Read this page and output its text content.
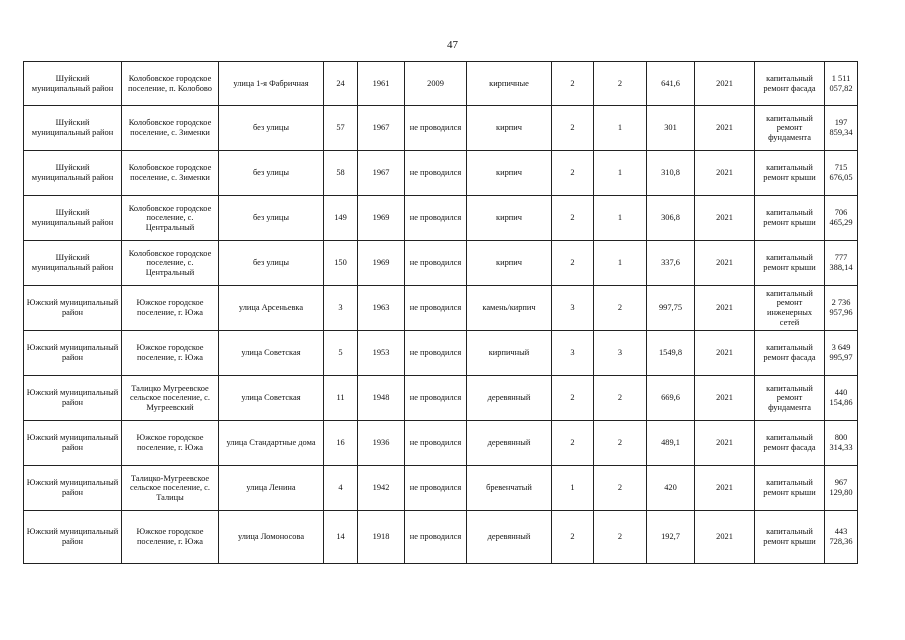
47
Шуйский муниципальный район	Колобовское городское поселение, п. Колобово	улица 1-я Фабричная	24	1961	2009	кирпичные	2	2	641,6	2021	капитальный ремонт фасада	1 511 057,82
Шуйский муниципальный район	Колобовское городское поселение, с. Зименки	без улицы	57	1967	не проводился	кирпич	2	1	301	2021	капитальный ремонт фундамента	197 859,34
Шуйский муниципальный район	Колобовское городское поселение, с. Зименки	без улицы	58	1967	не проводился	кирпич	2	1	310,8	2021	капитальный ремонт крыши	715 676,05
Шуйский муниципальный район	Колобовское городское поселение, с. Центральный	без улицы	149	1969	не проводился	кирпич	2	1	306,8	2021	капитальный ремонт крыши	706 465,29
Шуйский муниципальный район	Колобовское городское поселение, с. Центральный	без улицы	150	1969	не проводился	кирпич	2	1	337,6	2021	капитальный ремонт крыши	777 388,14
Южский муниципальный район	Южское городское поселение, г. Южа	улица Арсеньевка	3	1963	не проводился	камень/кирпич	3	2	997,75	2021	капитальный ремонт инженерных сетей	2 736 957,96
Южский муниципальный район	Южское городское поселение, г. Южа	улица Советская	5	1953	не проводился	кирпичный	3	3	1549,8	2021	капитальный ремонт фасада	3 649 995,97
Южский муниципальный район	Талицко Мугреевское сельское поселение, с. Мугреевский	улица Советская	11	1948	не проводился	деревянный	2	2	669,6	2021	капитальный ремонт фундамента	440 154,86
Южский муниципальный район	Южское городское поселение, г. Южа	улица Стандартные дома	16	1936	не проводился	деревянный	2	2	489,1	2021	капитальный ремонт фасада	800 314,33
Южский муниципальный район	Талицко-Мугреевское сельское поселение, с. Талицы	улица Ленина	4	1942	не проводился	бревенчатый	1	2	420	2021	капитальный ремонт крыши	967 129,80
Южский муниципальный район	Южское городское поселение, г. Южа	улица Ломоносова	14	1918	не проводился	деревянный	2	2	192,7	2021	капитальный ремонт крыши	443 728,36
